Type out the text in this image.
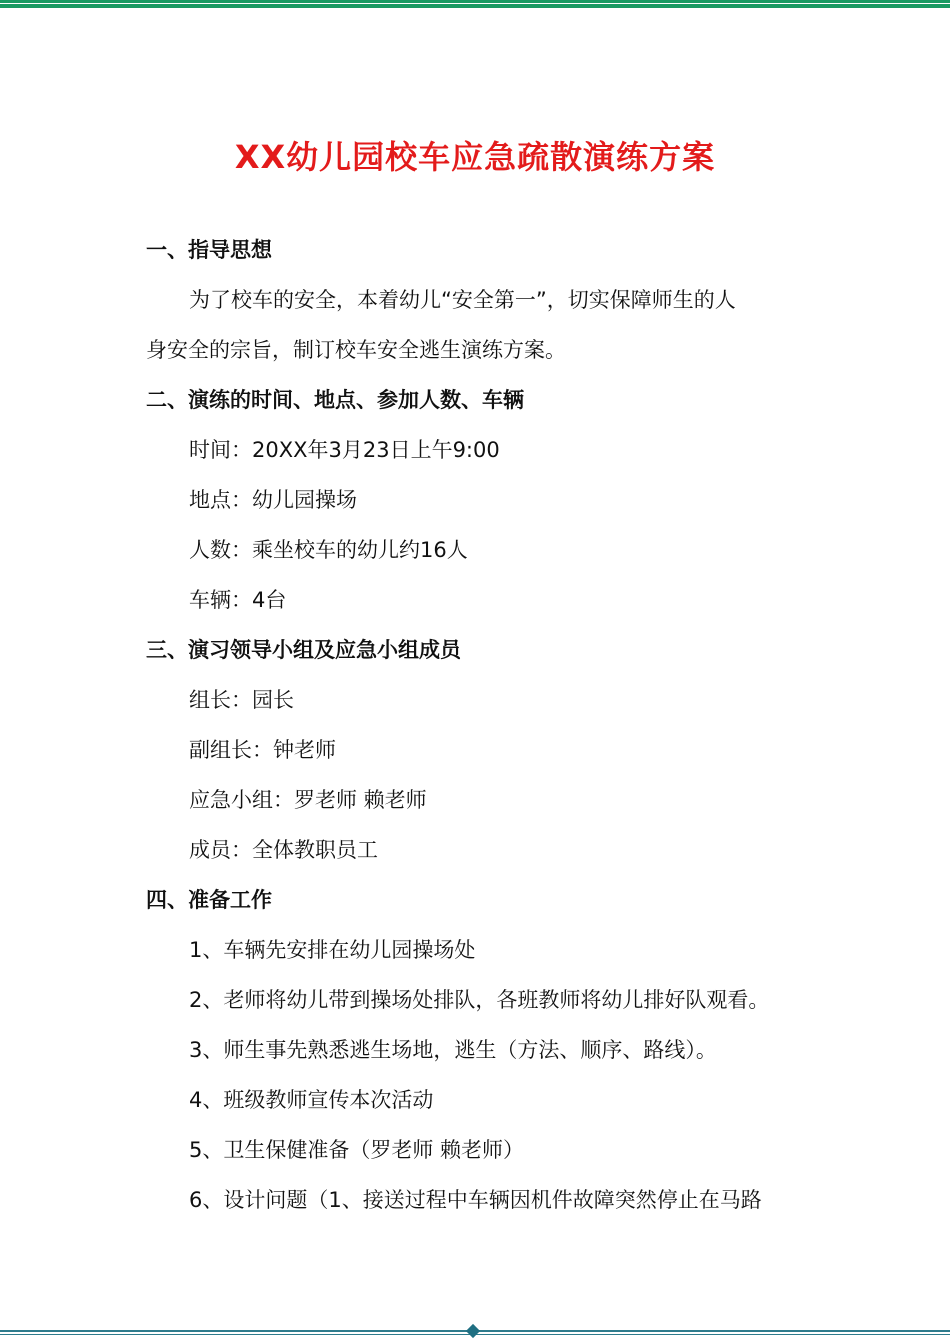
XX幼儿园校车应急疏散演练方案
一、指导思想
为了校车的安全，本着幼儿“安全第一”，切实保障师生的人
身安全的宗旨，制订校车安全逃生演练方案。
二、演练的时间、地点、参加人数、车辆
时间：20XX年3月23日上午9:00
地点：幼儿园操场
人数：乘坐校车的幼儿约16人
车辆：4台
三、演习领导小组及应急小组成员
组长：园长
副组长：钟老师
应急小组：罗老师 赖老师
成员：全体教职员工
四、准备工作
1、车辆先安排在幼儿园操场处
2、老师将幼儿带到操场处排队，各班教师将幼儿排好队观看。
3、师生事先熟悉逃生场地，逃生（方法、顺序、路线）。
4、班级教师宣传本次活动
5、卫生保健准备（罗老师 赖老师）
6、设计问题（1、接送过程中车辆因机件故障突然停止在马路
